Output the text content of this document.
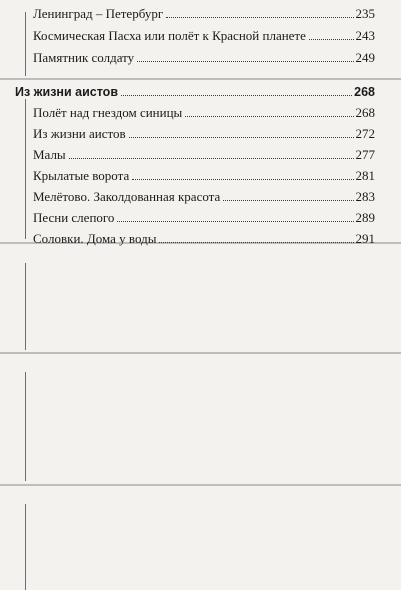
Ленинград – Петербург	235
Космическая Пасха или полёт к Красной планете	243
Памятник солдату	249
Из жизни аистов	268
Полёт над гнездом синицы	268
Из жизни аистов	272
Малы	277
Крылатые ворота	281
Мелётово. Заколдованная красота	283
Песни слепого	289
Соловки. Дома у воды	291
